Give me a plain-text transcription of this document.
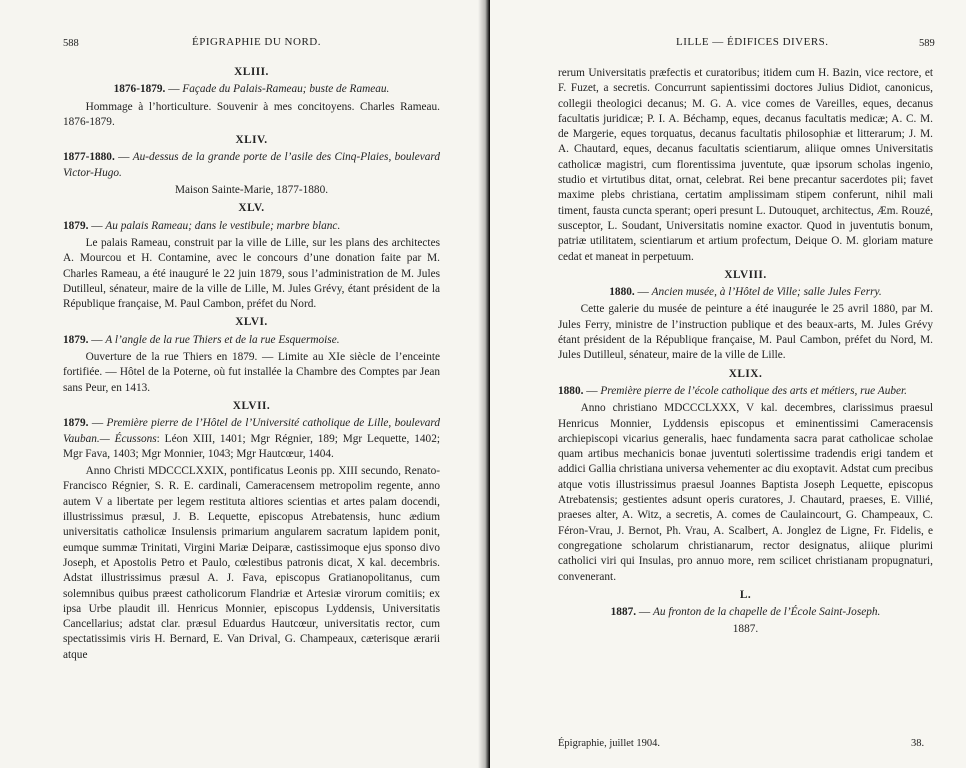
588	ÉPIGRAPHIE DU NORD.
XLIII.
1876-1879. — Façade du Palais-Rameau; buste de Rameau.
Hommage à l’horticulture. Souvenir à mes concitoyens. Charles Rameau. 1876-1879.
XLIV.
1877-1880. — Au-dessus de la grande porte de l’asile des Cinq-Plaies, boulevard Victor-Hugo.
Maison Sainte-Marie, 1877-1880.
XLV.
1879. — Au palais Rameau; dans le vestibule; marbre blanc.
Le palais Rameau, construit par la ville de Lille, sur les plans des architectes A. Mourcou et H. Contamine, avec le concours d’une donation faite par M. Charles Rameau, a été inauguré le 22 juin 1879, sous l’administration de M. Jules Dutilleul, sénateur, maire de la ville de Lille, M. Jules Grévy, étant président de la République française, M. Paul Cambon, préfet du Nord.
XLVI.
1879. — A l’angle de la rue Thiers et de la rue Esquermoise.
Ouverture de la rue Thiers en 1879. — Limite au XIe siècle de l’enceinte fortifiée. — Hôtel de la Poterne, où fut installée la Chambre des Comptes par Jean sans Peur, en 1413.
XLVII.
1879. — Première pierre de l’Hôtel de l’Université catholique de Lille, boulevard Vauban.— Écussons: Léon XIII, 1401; Mgr Régnier, 189; Mgr Lequette, 1402; Mgr Fava, 1403; Mgr Monnier, 1043; Mgr Hautcœur, 1404.
Anno Christi MDCCCLXXIX, pontificatus Leonis pp. XIII secundo, Renato-Francisco Régnier, S. R. E. cardinali, Cameracensem metropolim regente, anno autem V a libertate per legem restituta altiores scientias et artes palam docendi, illustrissimus præsul, J. B. Lequette, episcopus Atrebatensis, hunc ædium universitatis catholicæ Insulensis primarium angularem sacratum lapidem ponit, eumque summæ Trinitati, Virgini Mariæ Deiparæ, castissimoque ejus sponso divo Joseph, et Apostolis Petro et Paulo, cœlestibus patronis dicat, X kal. decembris. Adstat illustrissimus præsul A. J. Fava, episcopus Gratianopolitanus, cum solemnibus quibus præest catholicorum Flandriæ et Artesiæ virorum comitiis; ex ipsa Urbe plaudit ill. Henricus Monnier, episcopus Lyddensis, Universitatis Cancellarius; adstat clar. præsul Eduardus Hautcœur, universitatis rector, cum spectatissimis viris H. Bernard, E. Van Drival, G. Champeaux, cæterisque ærarii atque
LILLE — ÉDIFICES DIVERS.	589
rerum Universitatis præfectis et curatoribus; itidem cum H. Bazin, vice rectore, et F. Fuzet, a secretis. Concurrunt sapientissimi doctores Julius Didiot, canonicus, collegii theologici decanus; M. G. A. vice comes de Vareilles, eques, decanus facultatis juridicæ; P. I. A. Béchamp, eques, decanus facultatis medicæ; A. C. M. de Margerie, eques torquatus, decanus facultatis philosophiæ et litterarum; J. M. A. Chautard, eques, decanus facultatis scientiarum, aliique omnes Universitatis catholicæ magistri, cum florentissima juventute, quæ ipsorum scholas ingenio, studio et virtutibus ditat, ornat, celebrat. Rei bene precantur sacerdotes pii; favet maxime plebs christiana, certatim amplissimam stipem conferunt, nihil mali timent, fausta cuncta sperant; operi presunt L. Dutouquet, architectus, Æm. Rouzé, susceptor, L. Soudant, Universitatis nomine exactor. Quod in juventutis bonum, patriæ utilitatem, scientiarum et artium profectum, Deique O. M. gloriam mature cedat et maneat in perpetuum.
XLVIII.
1880. — Ancien musée, à l’Hôtel de Ville; salle Jules Ferry.
Cette galerie du musée de peinture a été inaugurée le 25 avril 1880, par M. Jules Ferry, ministre de l’instruction publique et des beaux-arts, M. Jules Grévy étant président de la République française, M. Paul Cambon, préfet du Nord, M. Jules Dutilleul, sénateur, maire de la ville de Lille.
XLIX.
1880. — Première pierre de l’école catholique des arts et métiers, rue Auber.
Anno christiano MDCCCLXXX, V kal. decembres, clarissimus praesul Henricus Monnier, Lyddensis episcopus et eminentissimi Cameracensis archiepiscopi vicarius generalis, haec fundamenta sacra parat catholicae scholae quam artibus mechanicis bonae juventuti solertissime tradendis erigi tandem et addici Gallia christiana universa vehementer ac diu exoptavit. Adstat cum precibus atque votis illustrissimus praesul Joannes Baptista Joseph Lequette, episcopus Atrebatensis; gestientes adsunt operis curatores, J. Chautard, praeses, E. Villié, praeses alter, A. Witz, a secretis, A. comes de Caulaincourt, G. Champeaux, C. Féron-Vrau, J. Bernot, Ph. Vrau, A. Scalbert, A. Jonglez de Ligne, Fr. Fidelis, e congregatione scholarum christianarum, rector designatus, aliique plurimi catholici viri qui Insulas, pro annuo more, rem scilicet christianam propugnaturi, convenerant.
L.
1887. — Au fronton de la chapelle de l’École Saint-Joseph.
1887.
Épigraphie, juillet 1904.	38.
